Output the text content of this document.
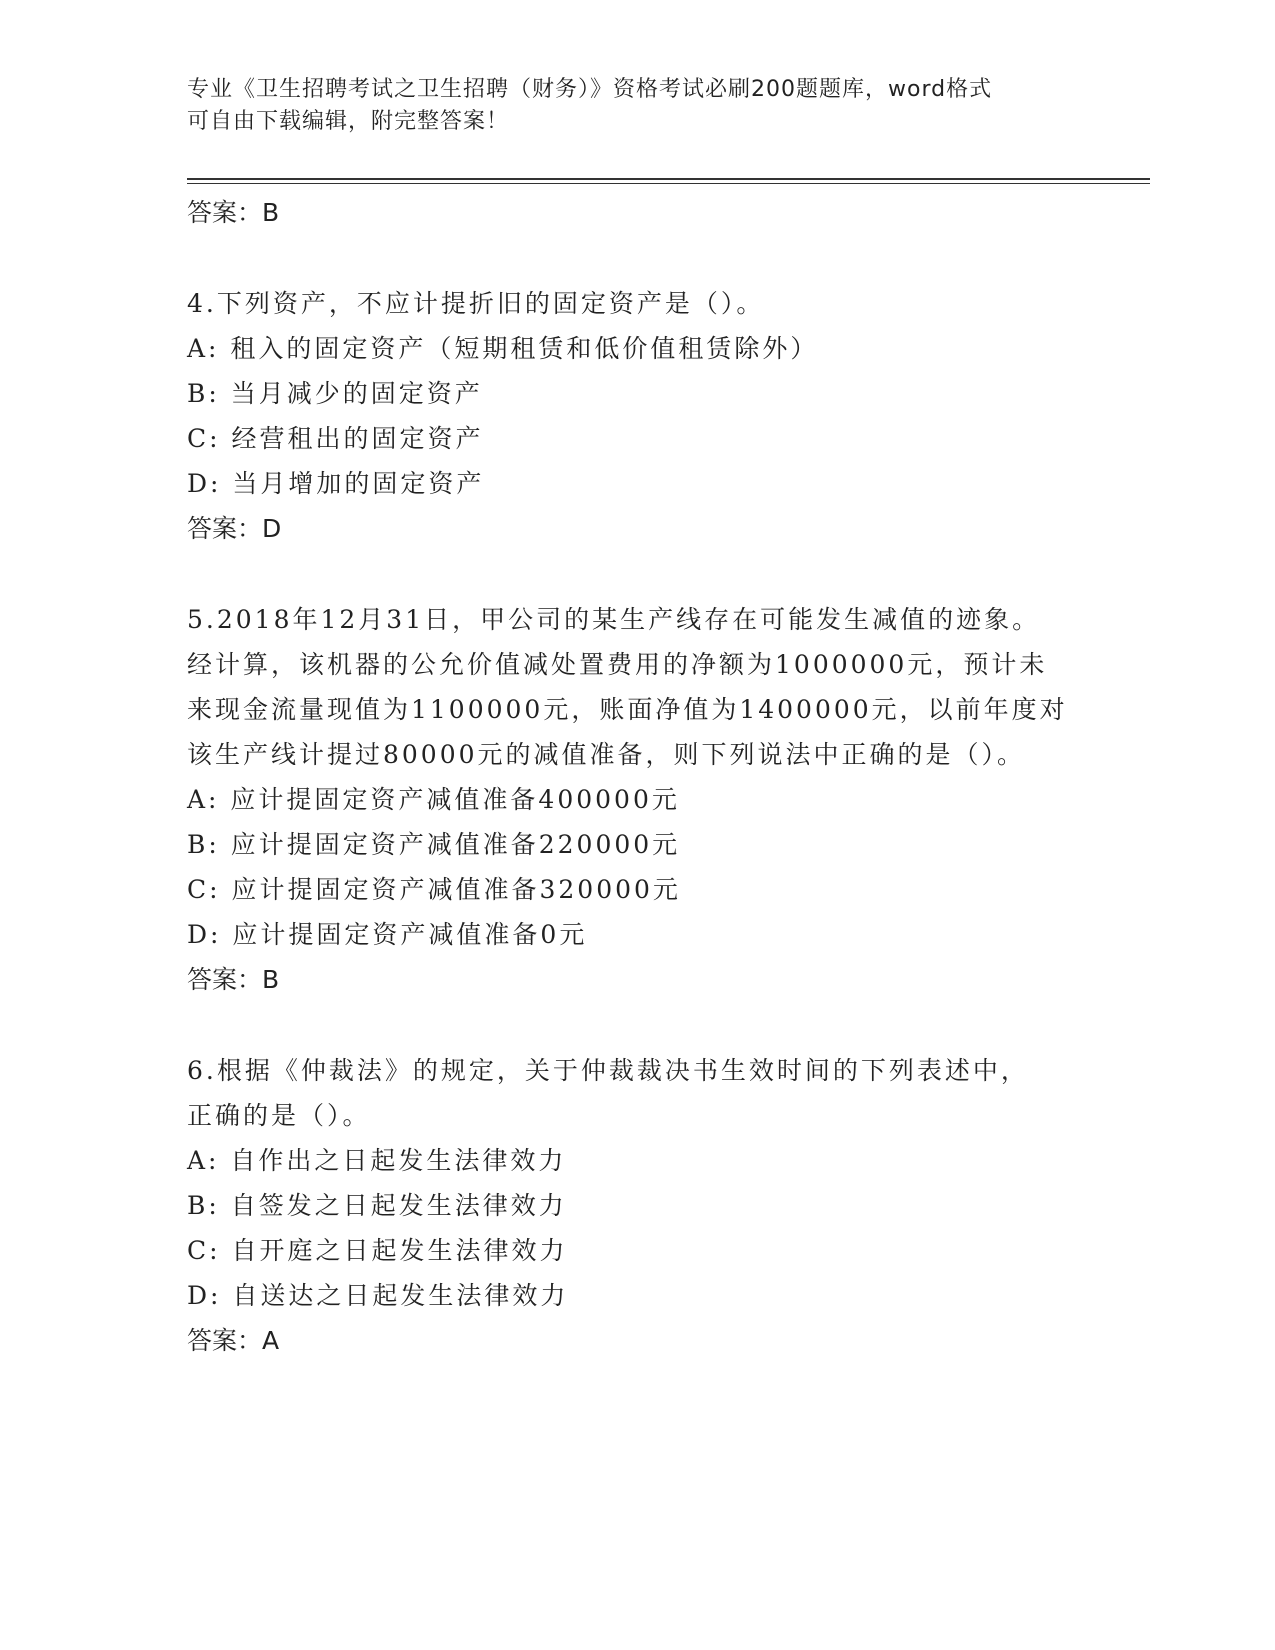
专业《卫生招聘考试之卫生招聘（财务）》资格考试必刷200题题库，word格式
可自由下载编辑，附完整答案！
答案：B
4.下列资产，不应计提折旧的固定资产是（）。
A: 租入的固定资产（短期租赁和低价值租赁除外）
B: 当月减少的固定资产
C: 经营租出的固定资产
D: 当月增加的固定资产
答案：D
5.2018年12月31日，甲公司的某生产线存在可能发生减值的迹象。
经计算，该机器的公允价值减处置费用的净额为1000000元，预计未
来现金流量现值为1100000元，账面净值为1400000元，以前年度对
该生产线计提过80000元的减值准备，则下列说法中正确的是（）。
A: 应计提固定资产减值准备400000元
B: 应计提固定资产减值准备220000元
C: 应计提固定资产减值准备320000元
D: 应计提固定资产减值准备0元
答案：B
6.根据《仲裁法》的规定，关于仲裁裁决书生效时间的下列表述中，
正确的是（）。
A: 自作出之日起发生法律效力
B: 自签发之日起发生法律效力
C: 自开庭之日起发生法律效力
D: 自送达之日起发生法律效力
答案：A
